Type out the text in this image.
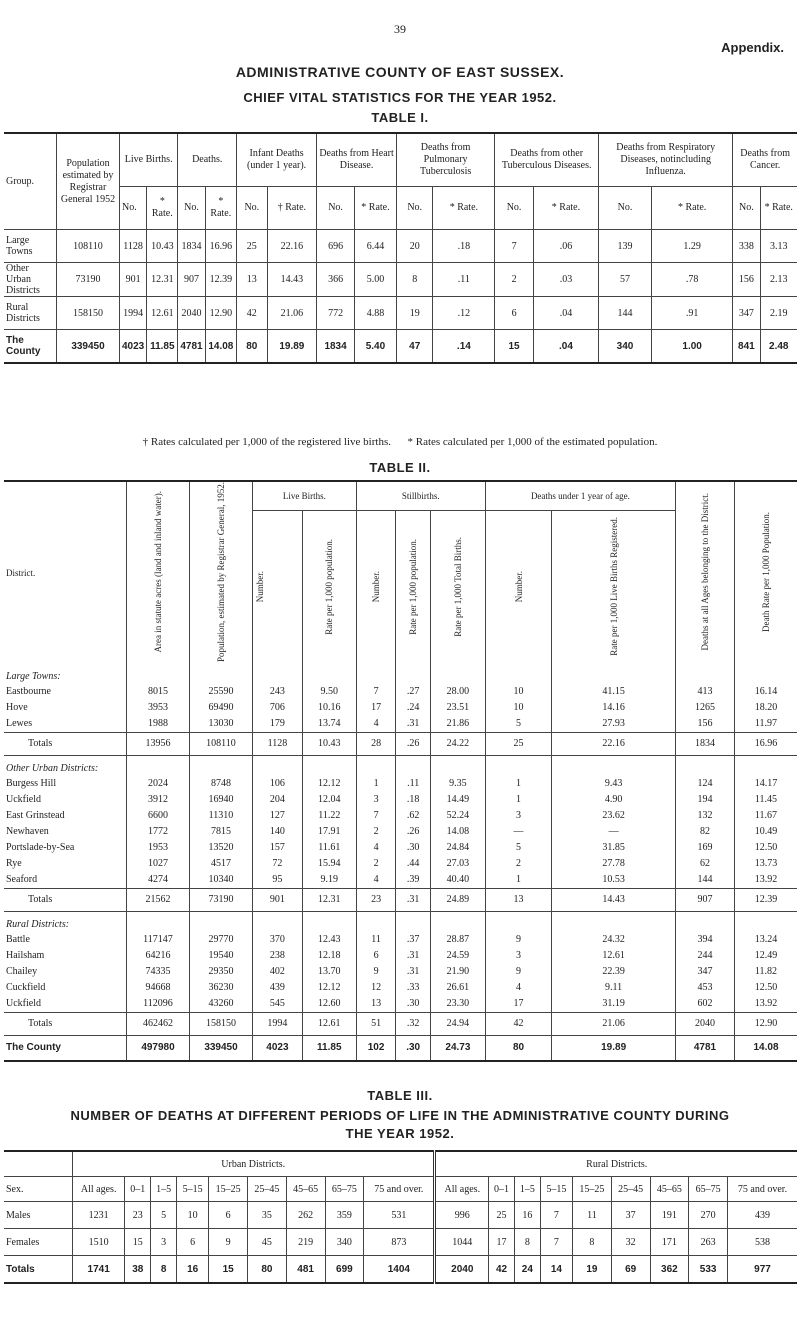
39
Appendix.
ADMINISTRATIVE COUNTY OF EAST SUSSEX.
CHIEF VITAL STATISTICS FOR THE YEAR 1952.
TABLE I.
Group.	Population estimated by Registrar General 1952	Live Births.		Deaths.		Infant Deaths (under 1 year).		Deaths from Heart Disease.		Deaths from Pulmonary Tuberculosis		Deaths from other Tuberculous Diseases.		Deaths from Respiratory Diseases, notincluding Influenza.		Deaths from Cancer.	
		No.	* Rate.	No.	* Rate.	No.	† Rate.	No.	* Rate.	No.	* Rate.	No.	* Rate.	No.	* Rate.	No.	* Rate.
Large Towns	108110	1128	10.43	1834	16.96	25	22.16	696	6.44	20	.18	7	.06	139	1.29	338	3.13
Other Urban Districts	73190	901	12.31	907	12.39	13	14.43	366	5.00	8	.11	2	.03	57	.78	156	2.13
Rural Districts	158150	1994	12.61	2040	12.90	42	21.06	772	4.88	19	.12	6	.04	144	.91	347	2.19
The County	339450	4023	11.85	4781	14.08	80	19.89	1834	5.40	47	.14	15	.04	340	1.00	841	2.48
† Rates calculated per 1,000 of the registered live births. * Rates calculated per 1,000 of the estimated population.
TABLE II.
District.	Area in statute acres (land and inland water).	Population, estimated by Registrar General, 1952.	Live Births.		Stillbirths.			Deaths under 1 year of age.		Deaths at all Ages belonging to the District.	Death Rate per 1,000 Population.
			Number.	Rate per 1,000 population.	Number.	Rate per 1,000 population.	Rate per 1,000 Total Births.	Number.	Rate per 1,000 Live Births Registered.		
Large Towns:											
Eastbourne	8015	25590	243	9.50	7	.27	28.00	10	41.15	413	16.14
Hove	3953	69490	706	10.16	17	.24	23.51	10	14.16	1265	18.20
Lewes	1988	13030	179	13.74	4	.31	21.86	5	27.93	156	11.97
Totals	13956	108110	1128	10.43	28	.26	24.22	25	22.16	1834	16.96
Other Urban Districts:											
Burgess Hill	2024	8748	106	12.12	1	.11	9.35	1	9.43	124	14.17
Uckfield	3912	16940	204	12.04	3	.18	14.49	1	4.90	194	11.45
East Grinstead	6600	11310	127	11.22	7	.62	52.24	3	23.62	132	11.67
Newhaven	1772	7815	140	17.91	2	.26	14.08	—	—	82	10.49
Portslade-by-Sea	1953	13520	157	11.61	4	.30	24.84	5	31.85	169	12.50
Rye	1027	4517	72	15.94	2	.44	27.03	2	27.78	62	13.73
Seaford	4274	10340	95	9.19	4	.39	40.40	1	10.53	144	13.92
Totals	21562	73190	901	12.31	23	.31	24.89	13	14.43	907	12.39
Rural Districts:											
Battle	117147	29770	370	12.43	11	.37	28.87	9	24.32	394	13.24
Hailsham	64216	19540	238	12.18	6	.31	24.59	3	12.61	244	12.49
Chailey	74335	29350	402	13.70	9	.31	21.90	9	22.39	347	11.82
Cuckfield	94668	36230	439	12.12	12	.33	26.61	4	9.11	453	12.50
Uckfield	112096	43260	545	12.60	13	.30	23.30	17	31.19	602	13.92
Totals	462462	158150	1994	12.61	51	.32	24.94	42	21.06	2040	12.90
The County	497980	339450	4023	11.85	102	.30	24.73	80	19.89	4781	14.08
TABLE III.
NUMBER OF DEATHS AT DIFFERENT PERIODS OF LIFE IN THE ADMINISTRATIVE COUNTY DURING
THE YEAR 1952.
	Urban Districts.									Rural Districts.								
Sex.	All ages.	0–1	1–5	5–15	15–25	25–45	45–65	65–75	75 and over.	All ages.	0–1	1–5	5–15	15–25	25–45	45–65	65–75	75 and over.
Males	1231	23	5	10	6	35	262	359	531	996	25	16	7	11	37	191	270	439
Females	1510	15	3	6	9	45	219	340	873	1044	17	8	7	8	32	171	263	538
Totals	1741	38	8	16	15	80	481	699	1404	2040	42	24	14	19	69	362	533	977
